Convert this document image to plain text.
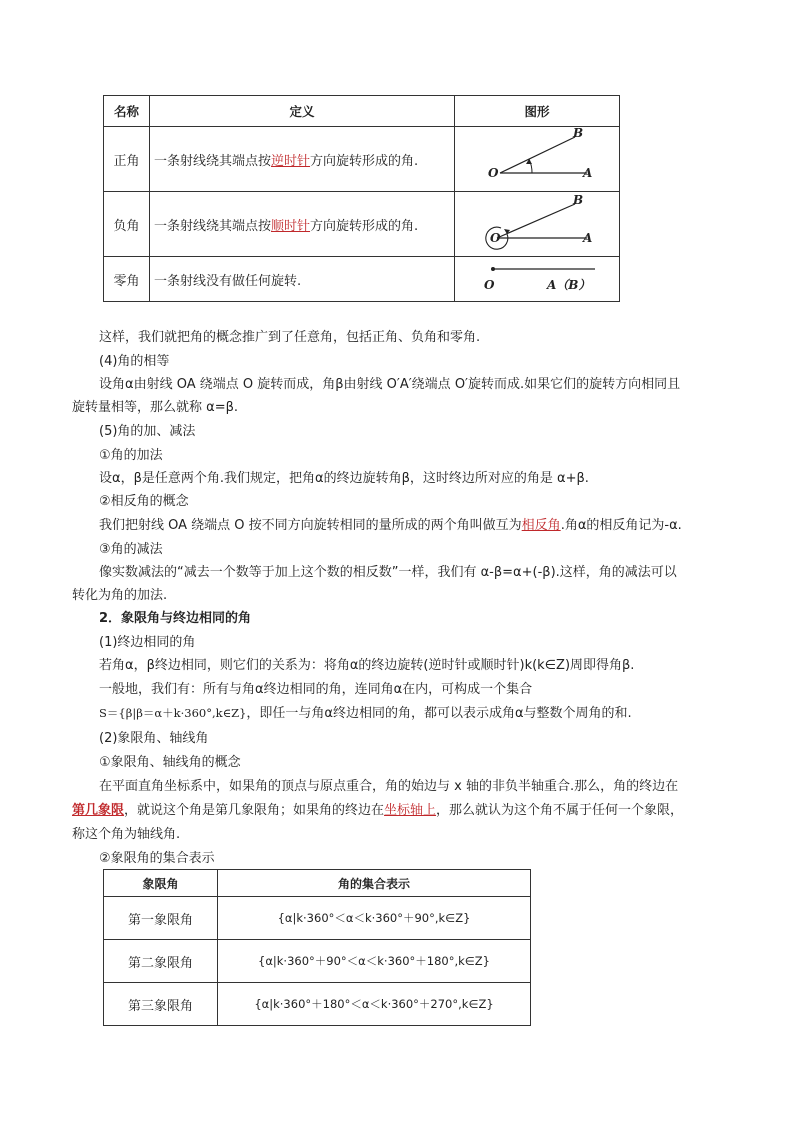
名称	定义	图形
正角	一条射线绕其端点按逆时针方向旋转形成的角.	O A
B

负角	一条射线绕其端点按顺时针方向旋转形成的角.	O A
B

零角	一条射线没有做任何旋转.	O A（B）
这样，我们就把角的概念推广到了任意角，包括正角、负角和零角.
(4)角的相等
设角α由射线 OA 绕端点 O 旋转而成，角β由射线 O′A′绕端点 O′旋转而成.如果它们的旋转方向相同且
旋转量相等，那么就称 α=β.
(5)角的加、减法
①角的加法
设α，β是任意两个角.我们规定，把角α的终边旋转角β，这时终边所对应的角是 α+β.
②相反角的概念
我们把射线 OA 绕端点 O 按不同方向旋转相同的量所成的两个角叫做互为相反角.角α的相反角记为-α.
③角的减法
像实数减法的“减去一个数等于加上这个数的相反数”一样，我们有 α-β=α+(-β).这样，角的减法可以
转化为角的加法.
2．象限角与终边相同的角
(1)终边相同的角
若角α，β终边相同，则它们的关系为：将角α的终边旋转(逆时针或顺时针)k(k∈Z)周即得角β.
一般地，我们有：所有与角α终边相同的角，连同角α在内，可构成一个集合
S＝{β|β＝α＋k·360°,k∈Z}，即任一与角α终边相同的角，都可以表示成角α与整数个周角的和.
(2)象限角、轴线角
①象限角、轴线角的概念
在平面直角坐标系中，如果角的顶点与原点重合，角的始边与 x 轴的非负半轴重合.那么，角的终边在
第几象限，就说这个角是第几象限角；如果角的终边在坐标轴上，那么就认为这个角不属于任何一个象限，
称这个角为轴线角.
②象限角的集合表示
象限角	角的集合表示
第一象限角	{α|k·360°＜α＜k·360°＋90°,k∈Z}
第二象限角	{α|k·360°＋90°＜α＜k·360°＋180°,k∈Z}
第三象限角	{α|k·360°＋180°＜α＜k·360°＋270°,k∈Z}
